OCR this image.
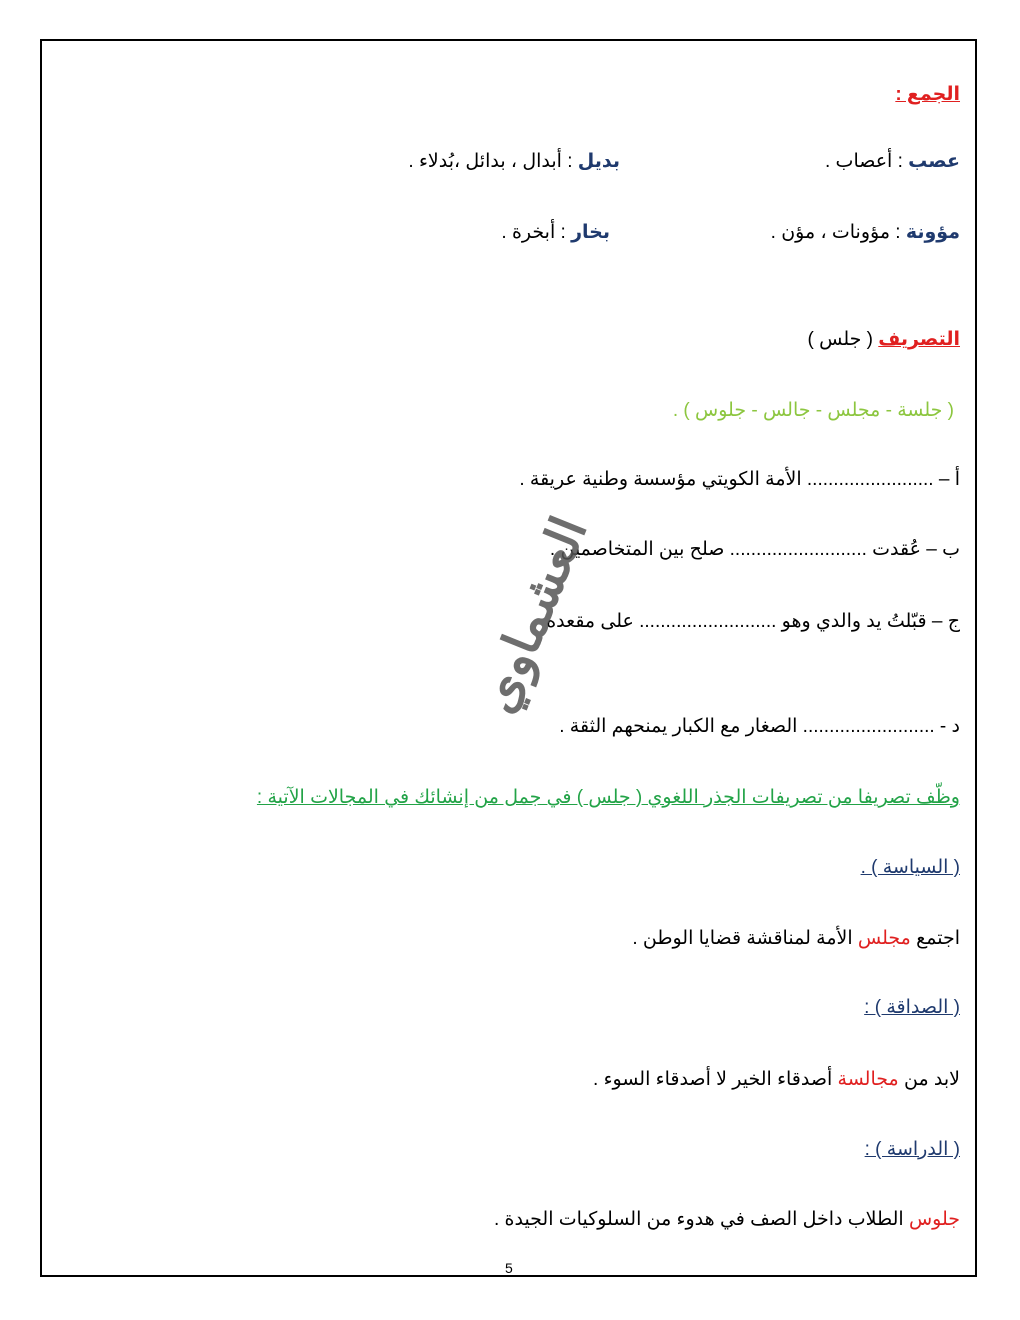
الجمع :
عصب : أعصاب .
بديل : أبدال ، بدائل ،بُدلاء .
مؤونة : مؤونات ، مؤن .
بخار : أبخرة .
التصريف ( جلس )
( جلسة - مجلس - جالس - جلوس ) .
أ – ........................ الأمة الكويتي مؤسسة وطنية عريقة .
ب – عُقدت .......................... صلح بين المتخاصمين .
ج – قبّلتُ يد والدي وهو .......................... على مقعده
د - ......................... الصغار مع الكبار يمنحهم الثقة .
وظّف تصريفا من تصريفات الجذر اللغوي ( جلس ) في جمل من إنشائك في المجالات الآتية :
( السياسة ) .
اجتمع مجلس الأمة لمناقشة قضايا الوطن .
( الصداقة ) :
لابد من مجالسة أصدقاء الخير لا أصدقاء السوء .
( الدراسة ) :
جلوس الطلاب داخل الصف في هدوء من السلوكيات الجيدة .
العشماوي
5
